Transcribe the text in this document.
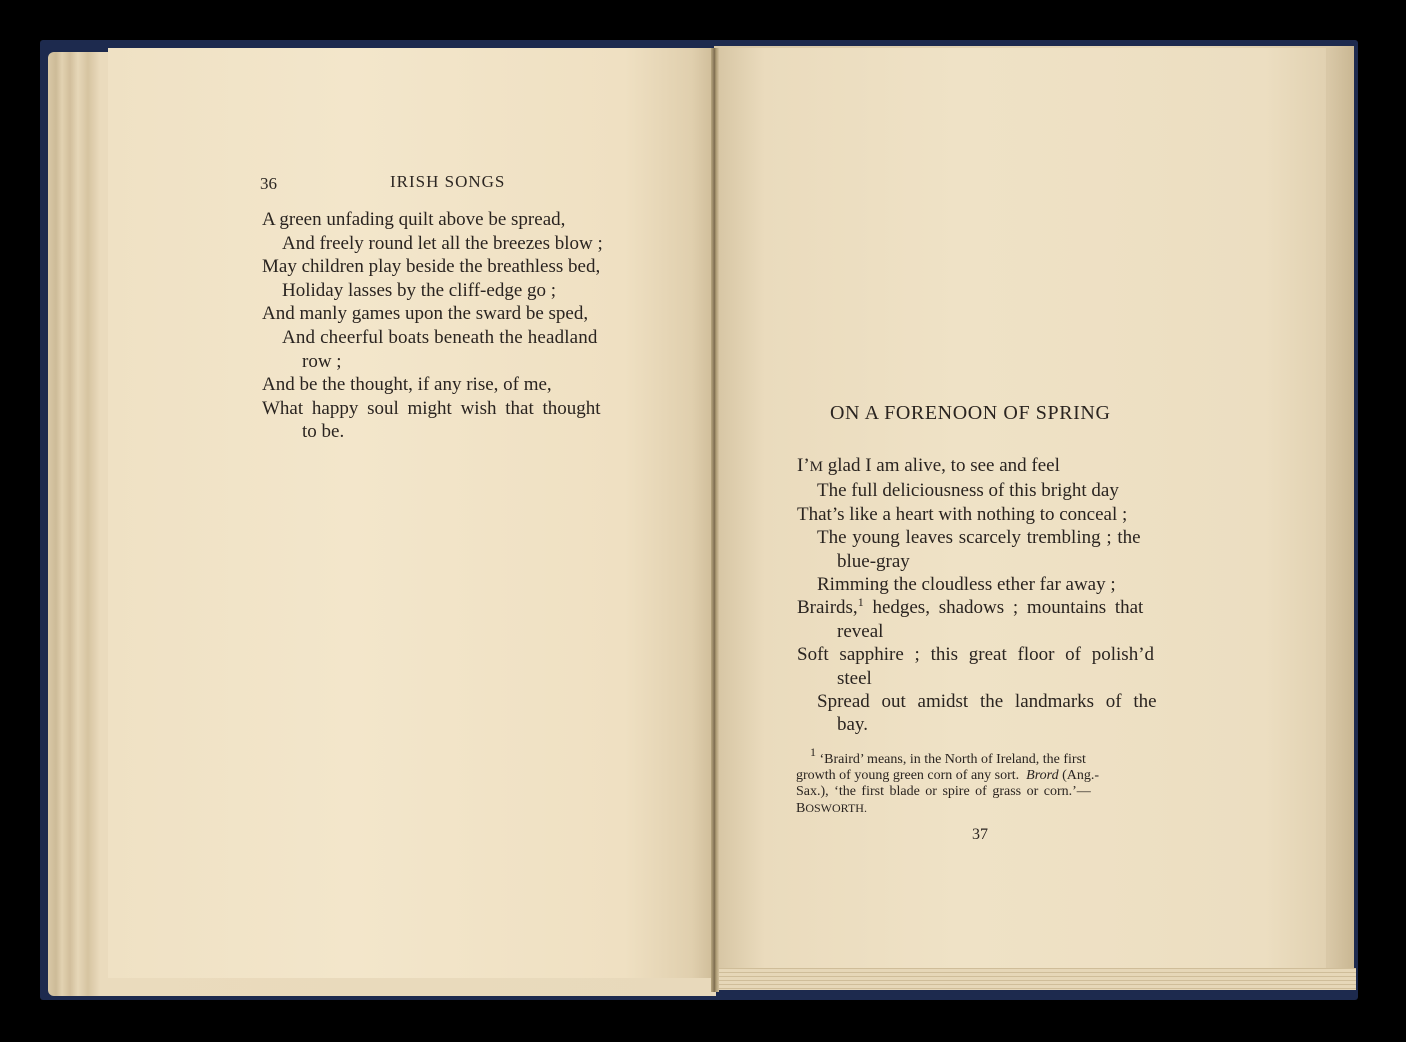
36	IRISH SONGS
A green unfading quilt above be spread,
And freely round let all the breezes blow ;
May children play beside the breathless bed,
Holiday lasses by the cliff-edge go ;
And manly games upon the sward be sped,
And cheerful boats beneath the headland
row ;
And be the thought, if any rise, of me,
What happy soul might wish that thought
to be.
ON A FORENOON OF SPRING
I’M glad I am alive, to see and feel
The full deliciousness of this bright day
That’s like a heart with nothing to conceal ;
The young leaves scarcely trembling ; the
blue-gray
Rimming the cloudless ether far away ;
Brairds,$^1$ hedges, shadows ; mountains that
reveal
Soft sapphire ; this great floor of polish’d
steel
Spread out amidst the landmarks of the
bay.
$^1$ ‘Braird’ means, in the North of Ireland, the first
growth of young green corn of any sort. Brord (Ang.-
Sax.), ‘the first blade or spire of grass or corn.’—
BOSWORTH.
37
